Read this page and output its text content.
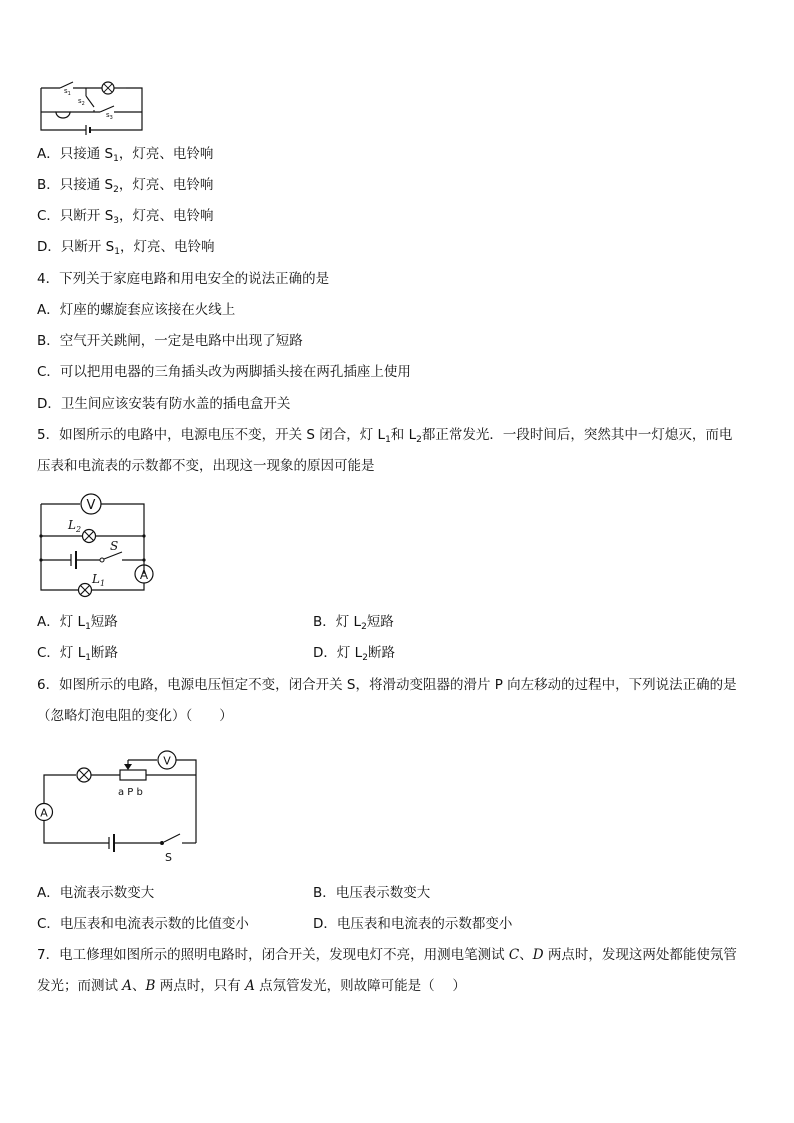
$s_1$
$s_2$
$s_3$
A．只接通 $S_1$，灯亮、电铃响
B．只接通 $S_2$，灯亮、电铃响
C．只断开 $S_3$，灯亮、电铃响
D．只断开 $S_1$，灯亮、电铃响
4．下列关于家庭电路和用电安全的说法正确的是
A．灯座的螺旋套应该接在火线上
B．空气开关跳闸，一定是电路中出现了短路
C．可以把用电器的三角插头改为两脚插头接在两孔插座上使用
D．卫生间应该安装有防水盖的插电盒开关
5．如图所示的电路中，电源电压不变，开关 S 闭合，灯 $L_1$和 $L_2$都正常发光．一段时间后，突然其中一灯熄灭，而电
压表和电流表的示数都不变，出现这一现象的原因可能是
V
$L_2$
S
$L_1$
A
A．灯 $L_1$短路	B．灯 $L_2$短路
C．灯 $L_1$断路	D．灯 $L_2$断路
6．如图所示的电路，电源电压恒定不变，闭合开关 S，将滑动变阻器的滑片 P 向左移动的过程中，下列说法正确的是
（忽略灯泡电阻的变化）（　　）
V
a P b
A
S
A．电流表示数变大	B．电压表示数变大
C．电压表和电流表示数的比值变小	D．电压表和电流表的示数都变小
7．电工修理如图所示的照明电路时，闭合开关，发现电灯不亮，用测电笔测试 C、D 两点时，发现这两处都能使氖管
发光；而测试 A、B 两点时，只有 A 点氖管发光，则故障可能是（　 ）
